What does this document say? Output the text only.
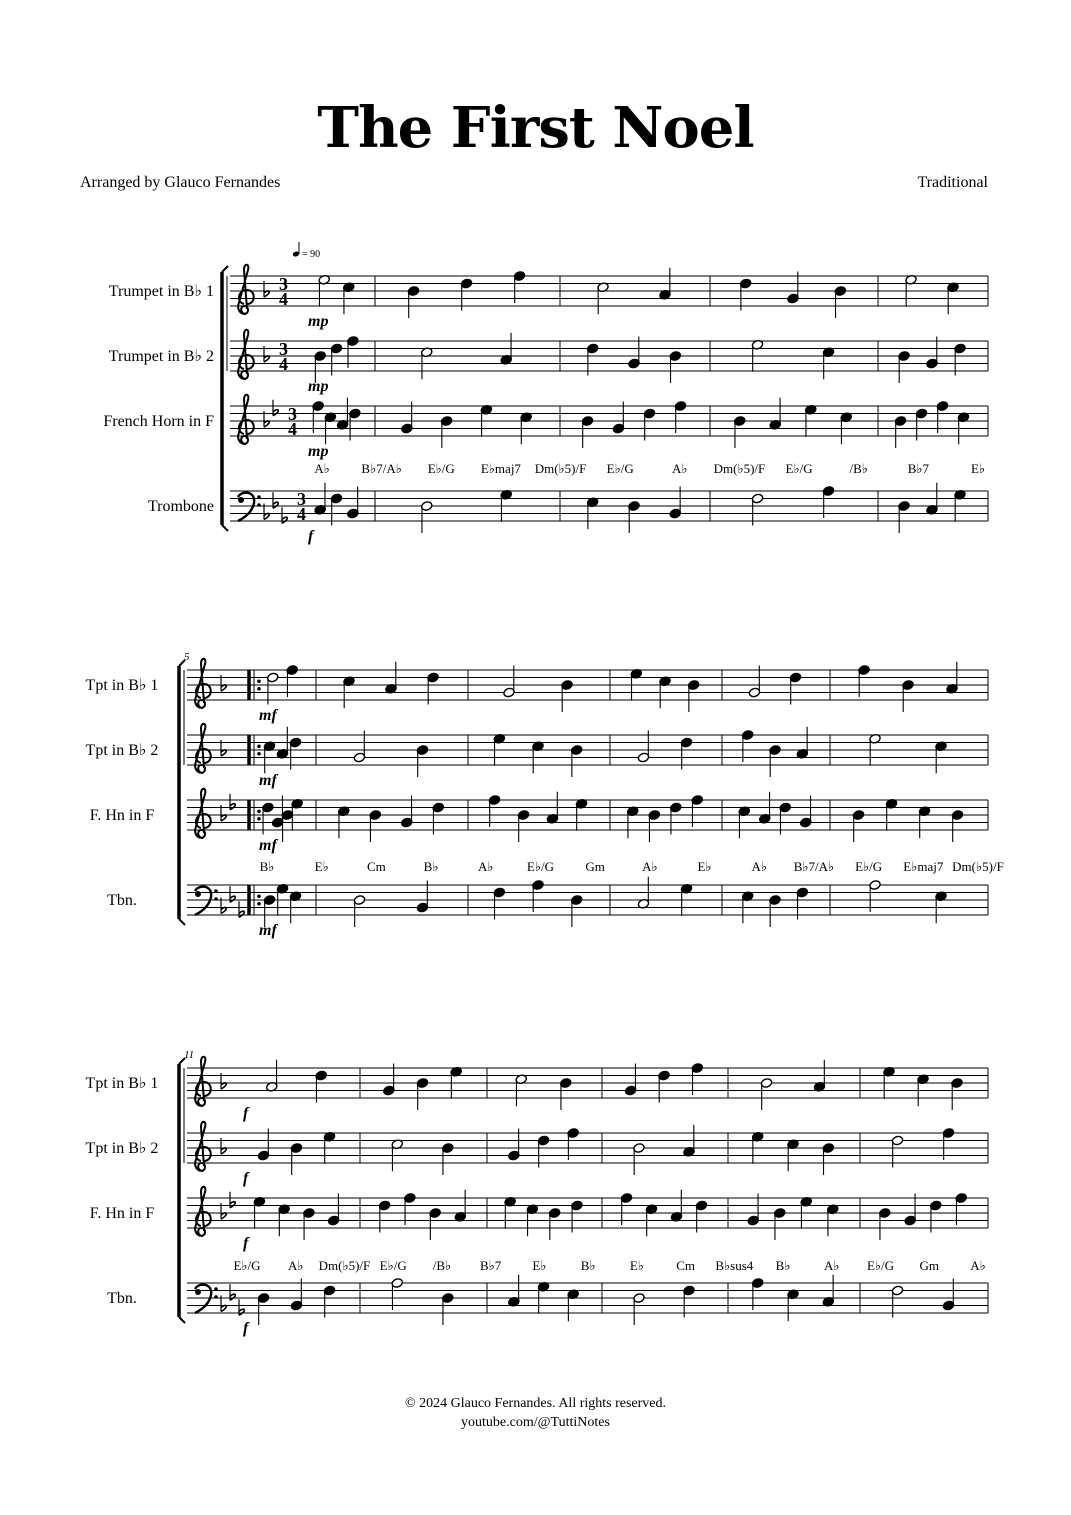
The First Noel
Arranged by Glauco Fernandes	Traditional
Trumpet in B♭ 1	3
4
mp
Trumpet in B♭ 2	3
4
mp
French Horn in F	3
4
mp
Trombone	3
4
f
A♭ B♭7/A♭ E♭/G E♭maj7 Dm(♭5)/F E♭/G	A♭ Dm(♭5)/F E♭/G	/B♭	B♭7	E♭
5
Tpt in B♭ 1
mf
Tpt in B♭ 2
mf
F. Hn in F
mf
Tbn.
mf
B♭	E♭	Cm	B♭	A♭	E♭/G Gm	A♭	E♭	A♭ B♭7/A♭ E♭/G E♭maj7 Dm(♭5)/F
11
Tpt in B♭ 1
f
Tpt in B♭ 2
f
F. Hn in F
f
Tbn.
f
E♭/G A♭ Dm(♭5)/F E♭/G /B♭ B♭7 E♭	B♭	E♭ Cm B♭sus4 B♭	A♭ E♭/G Gm A♭
= 90
© 2024 Glauco Fernandes. All rights reserved.
youtube.com/@TuttiNotes
